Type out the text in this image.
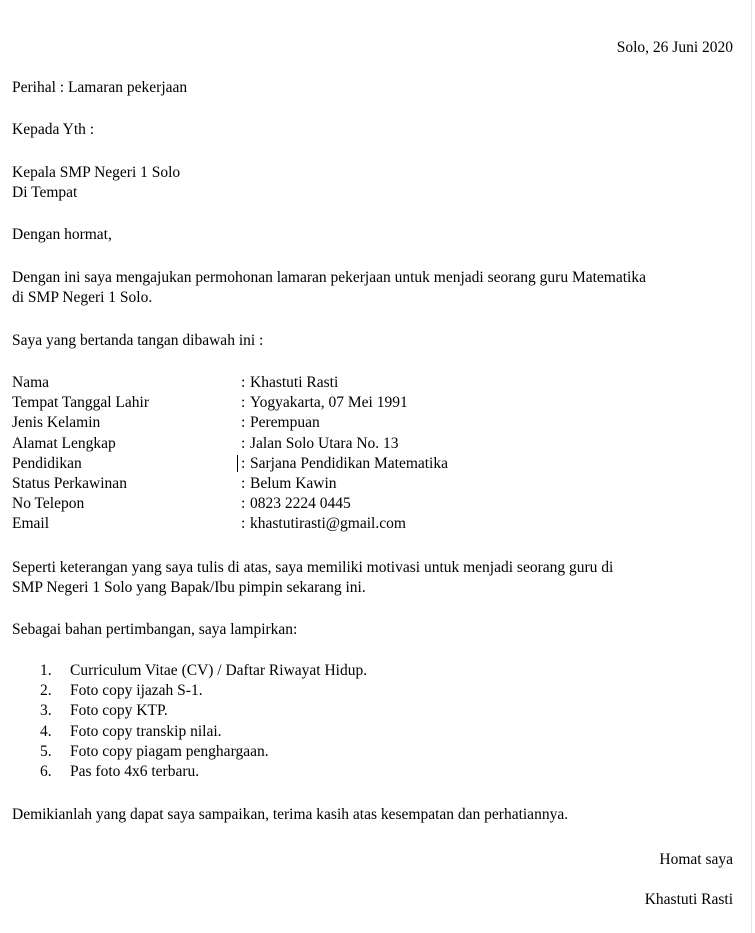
Solo, 26 Juni 2020
Perihal : Lamaran pekerjaan
Kepada Yth :
Kepala SMP Negeri 1 Solo
Di Tempat
Dengan hormat,
Dengan ini saya mengajukan permohonan lamaran pekerjaan untuk menjadi seorang guru Matematika
di SMP Negeri 1 Solo.
Saya yang bertanda tangan dibawah ini :
Nama	: Khastuti Rasti
Tempat Tanggal Lahir	: Yogyakarta, 07 Mei 1991
Jenis Kelamin	: Perempuan
Alamat Lengkap	: Jalan Solo Utara No. 13
Pendidikan	: Sarjana Pendidikan Matematika
Status Perkawinan	: Belum Kawin
No Telepon	: 0823 2224 0445
Email	: khastutirasti@gmail.com
Seperti keterangan yang saya tulis di atas, saya memiliki motivasi untuk menjadi seorang guru di
SMP Negeri 1 Solo yang Bapak/Ibu pimpin sekarang ini.
Sebagai bahan pertimbangan, saya lampirkan:
1.	Curriculum Vitae (CV) / Daftar Riwayat Hidup.
2.	Foto copy ijazah S-1.
3.	Foto copy KTP.
4.	Foto copy transkip nilai.
5.	Foto copy piagam penghargaan.
6.	Pas foto 4x6 terbaru.
Demikianlah yang dapat saya sampaikan, terima kasih atas kesempatan dan perhatiannya.
Homat saya
Khastuti Rasti
